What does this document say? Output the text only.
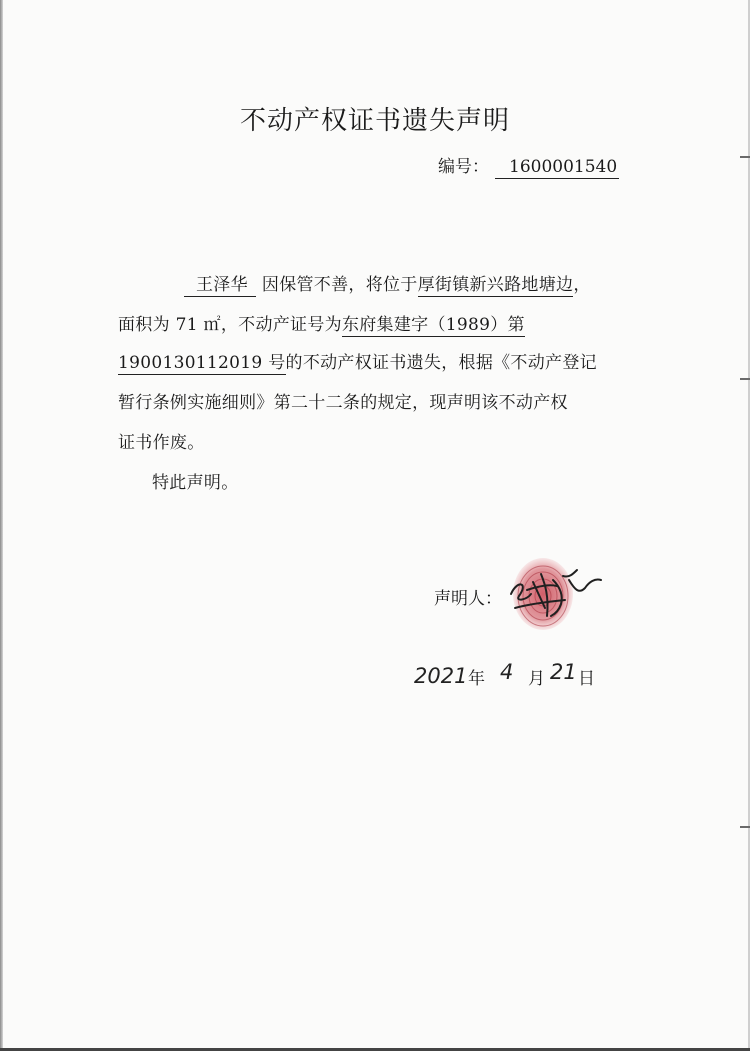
不动产权证书遗失声明
编号： 1600001540
王泽华 因保管不善，将位于厚街镇新兴路地塘边，
面积为 71 ㎡，不动产证号为东府集建字（1989）第
1900130112019 号的不动产权证书遗失，根据《不动产登记
暂行条例实施细则》第二十二条的规定，现声明该不动产权
证书作废。
特此声明。
声明人：
2021 年 4 月 21 日
